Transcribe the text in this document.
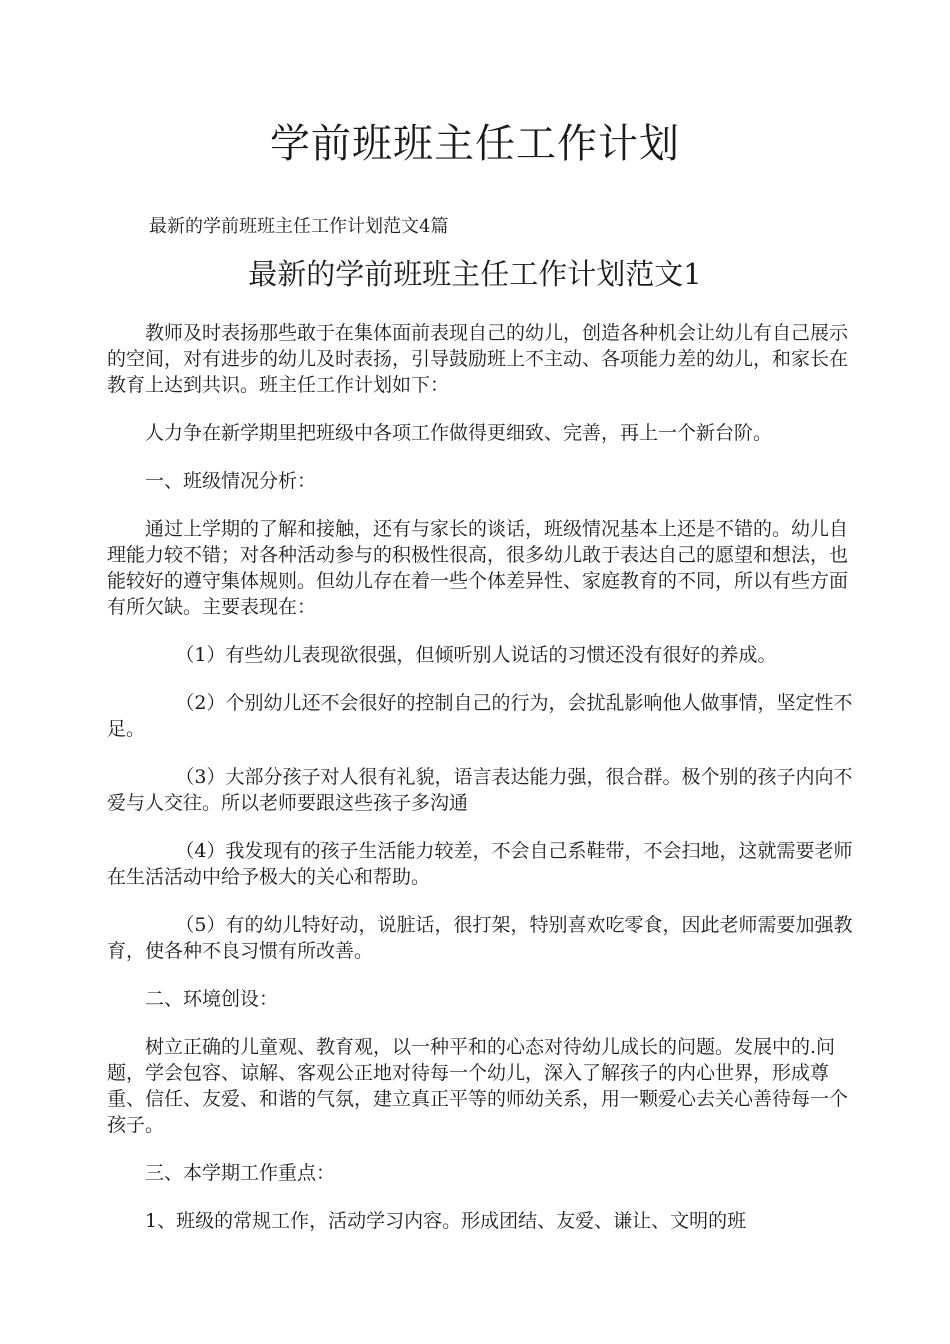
学前班班主任工作计划

最新的学前班班主任工作计划范文4篇

最新的学前班班主任工作计划范文1

教师及时表扬那些敢于在集体面前表现自己的幼儿，创造各种机会让幼儿有自己展示的空间，对有进步的幼儿及时表扬，引导鼓励班上不主动、各项能力差的幼儿，和家长在教育上达到共识。班主任工作计划如下：

人力争在新学期里把班级中各项工作做得更细致、完善，再上一个新台阶。

一、班级情况分析：

通过上学期的了解和接触，还有与家长的谈话，班级情况基本上还是不错的。幼儿自理能力较不错；对各种活动参与的积极性很高，很多幼儿敢于表达自己的愿望和想法，也能较好的遵守集体规则。但幼儿存在着一些个体差异性、家庭教育的不同，所以有些方面有所欠缺。主要表现在：

（1）有些幼儿表现欲很强，但倾听别人说话的习惯还没有很好的养成。

（2）个别幼儿还不会很好的控制自己的行为，会扰乱影响他人做事情，坚定性不足。

（3）大部分孩子对人很有礼貌，语言表达能力强，很合群。极个别的孩子内向不爱与人交往。所以老师要跟这些孩子多沟通

（4）我发现有的孩子生活能力较差，不会自己系鞋带，不会扫地，这就需要老师在生活活动中给予极大的关心和帮助。

（5）有的幼儿特好动，说脏话，很打架，特别喜欢吃零食，因此老师需要加强教育，使各种不良习惯有所改善。

二、环境创设：

树立正确的儿童观、教育观，以一种平和的心态对待幼儿成长的问题。发展中的.问题，学会包容、谅解、客观公正地对待每一个幼儿，深入了解孩子的内心世界，形成尊重、信任、友爱、和谐的气氛，建立真正平等的师幼关系，用一颗爱心去关心善待每一个孩子。

三、本学期工作重点：

1、班级的常规工作，活动学习内容。形成团结、友爱、谦让、文明的班
